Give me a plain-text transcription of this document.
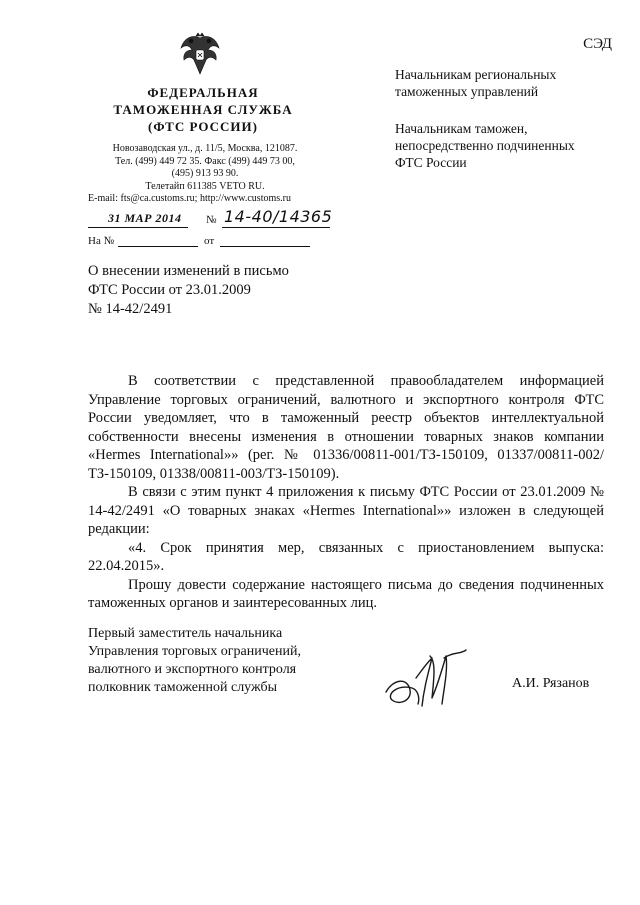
СЭД
ФЕДЕРАЛЬНАЯ
ТАМОЖЕННАЯ СЛУЖБА
(ФТС РОССИИ)
Новозаводская ул., д. 11/5, Москва, 121087.
Тел. (499) 449 72 35. Факс (499) 449 73 00,
(495) 913 93 90.
Телетайп 611385 VETO RU.
E-mail: fts@ca.customs.ru; http://www.customs.ru
31 МАР 2014 № 14-40/14365
На №	от
Начальникам региональных
таможенных управлений
Начальникам таможен,
непосредственно подчиненных
ФТС России
О внесении изменений в письмо
ФТС России от 23.01.2009
№ 14-42/2491

В соответствии с представленной правообладателем информацией Управление торговых ограничений, валютного и экспортного контроля ФТС России уведомляет, что в таможенный реестр объектов интеллектуальной собственности внесены изменения в отношении товарных знаков компании «Hermes International»» (рег. № 01336/00811-001/ТЗ-150109, 01337/00811-002/ТЗ-150109, 01338/00811-003/ТЗ-150109).

В связи с этим пункт 4 приложения к письму ФТС России от 23.01.2009 № 14-42/2491 «О товарных знаках «Hermes International»» изложен в следующей редакции:

«4. Срок принятия мер, связанных с приостановлением выпуска: 22.04.2015».

Прошу довести содержание настоящего письма до сведения подчиненных таможенных органов и заинтересованных лиц.

Первый заместитель начальника
Управления торговых ограничений,
валютного и экспортного контроля
полковник таможенной службы	А.И. Рязанов
